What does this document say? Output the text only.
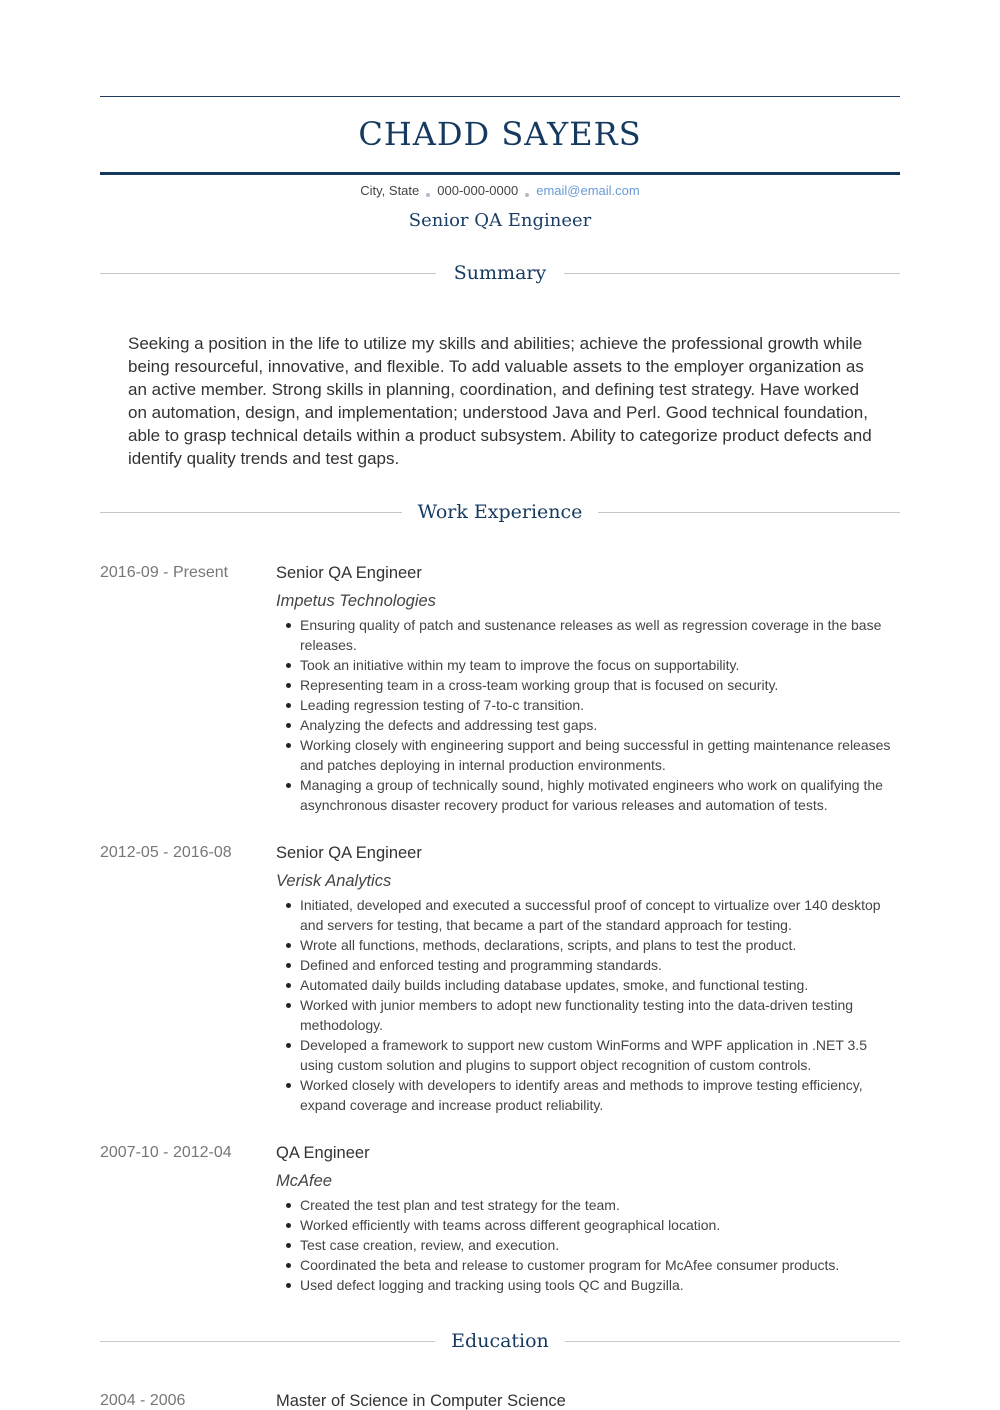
CHADD SAYERS
City, State 000-000-0000 email@email.com
Senior QA Engineer
Summary
Seeking a position in the life to utilize my skills and abilities; achieve the professional growth while being resourceful, innovative, and flexible. To add valuable assets to the employer organization as an active member. Strong skills in planning, coordination, and defining test strategy. Have worked on automation, design, and implementation; understood Java and Perl. Good technical foundation, able to grasp technical details within a product subsystem. Ability to categorize product defects and identify quality trends and test gaps.
Work Experience
2016-09 - Present	Senior QA Engineer
Impetus Technologies
Ensuring quality of patch and sustenance releases as well as regression coverage in the base releases.
Took an initiative within my team to improve the focus on supportability.
Representing team in a cross-team working group that is focused on security.
Leading regression testing of 7-to-c transition.
Analyzing the defects and addressing test gaps.
Working closely with engineering support and being successful in getting maintenance releases and patches deploying in internal production environments.
Managing a group of technically sound, highly motivated engineers who work on qualifying the asynchronous disaster recovery product for various releases and automation of tests.
2012-05 - 2016-08	Senior QA Engineer
Verisk Analytics
Initiated, developed and executed a successful proof of concept to virtualize over 140 desktop and servers for testing, that became a part of the standard approach for testing.
Wrote all functions, methods, declarations, scripts, and plans to test the product.
Defined and enforced testing and programming standards.
Automated daily builds including database updates, smoke, and functional testing.
Worked with junior members to adopt new functionality testing into the data-driven testing methodology.
Developed a framework to support new custom WinForms and WPF application in .NET 3.5 using custom solution and plugins to support object recognition of custom controls.
Worked closely with developers to identify areas and methods to improve testing efficiency, expand coverage and increase product reliability.
2007-10 - 2012-04	QA Engineer
McAfee
Created the test plan and test strategy for the team.
Worked efficiently with teams across different geographical location.
Test case creation, review, and execution.
Coordinated the beta and release to customer program for McAfee consumer products.
Used defect logging and tracking using tools QC and Bugzilla.
Education
2004 - 2006	Master of Science in Computer Science
